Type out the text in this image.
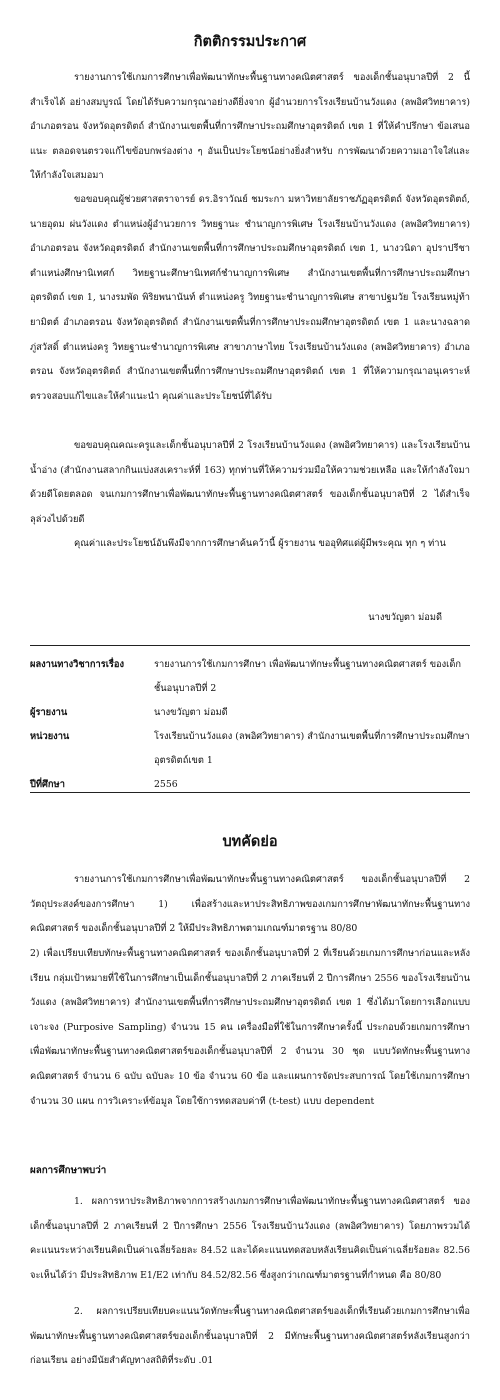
กิตติกรรมประกาศ

รายงานการใช้เกมการศึกษาเพื่อพัฒนาทักษะพื้นฐานทางคณิตศาสตร์ ของเด็กชั้นอนุบาลปีที่ 2 นี้ สำเร็จได้ อย่างสมบูรณ์ โดยได้รับความกรุณาอย่างดียิ่งจาก ผู้อำนวยการโรงเรียนบ้านวังแดง (ลพอิศวิทยาคาร) อำเภอตรอน จังหวัดอุตรดิตถ์ สำนักงานเขตพื้นที่การศึกษาประถมศึกษาอุตรดิตถ์ เขต 1 ที่ให้คำปรึกษา ข้อเสนอแนะ ตลอดจนตรวจแก้ไขข้อบกพร่องต่าง ๆ อันเป็นประโยชน์อย่างยิ่งสำหรับ การพัฒนาด้วยความเอาใจใส่และให้กำลังใจเสมอมา

ขอขอบคุณผู้ช่วยศาสตราจารย์ ดร.อิราวัณย์ ชมระกา มหาวิทยาลัยราชภัฏอุตรดิตถ์ จังหวัดอุตรดิตถ์, นายอุดม ผ่นวังแดง ตำแหน่งผู้อำนวยการ วิทยฐานะ ชำนาญการพิเศษ โรงเรียนบ้านวังแดง (ลพอิศวิทยาคาร) อำเภอตรอน จังหวัดอุตรดิตถ์ สำนักงานเขตพื้นที่การศึกษาประถมศึกษาอุตรดิตถ์ เขต 1, นางวนิดา อุปราปรีชา ตำแหน่งศึกษานิเทศก์ วิทยฐานะศึกษานิเทศก์ชำนาญการพิเศษ สำนักงานเขตพื้นที่การศึกษาประถมศึกษาอุตรดิตถ์ เขต 1, นางรมพัด พิริยพนานันท์ ตำแหน่งครู วิทยฐานะชำนาญการพิเศษ สาขาปฐมวัย โรงเรียนหมู่ท้ายามิตต์ อำเภอตรอน จังหวัดอุตรดิตถ์ สำนักงานเขตพื้นที่การศึกษาประถมศึกษาอุตรดิตถ์ เขต 1 และนางฉลาด ภู่สวัสดิ์ ตำแหน่งครู วิทยฐานะชำนาญการพิเศษ สาขาภาษาไทย โรงเรียนบ้านวังแดง (ลพอิศวิทยาคาร) อำเภอตรอน จังหวัดอุตรดิตถ์ สำนักงานเขตพื้นที่การศึกษาประถมศึกษาอุตรดิตถ์ เขต 1 ที่ให้ความกรุณาอนุเคราะห์ตรวจสอบแก้ไขและให้คำแนะนำ คุณค่าและประโยชน์ที่ได้รับ

ขอขอบคุณคณะครูและเด็กชั้นอนุบาลปีที่ 2 โรงเรียนบ้านวังแดง (ลพอิศวิทยาคาร) และโรงเรียนบ้านน้ำอ่าง (สำนักงานสลากกินแบ่งสงเคราะห์ที่ 163) ทุกท่านที่ให้ความร่วมมือให้ความช่วยเหลือ และให้กำลังใจมาด้วยดีโดยตลอด จนเกมการศึกษาเพื่อพัฒนาทักษะพื้นฐานทางคณิตศาสตร์ ของเด็กชั้นอนุบาลปีที่ 2 ได้สำเร็จลุล่วงไปด้วยดี

คุณค่าและประโยชน์อันพึงมีจากการศึกษาค้นคว้านี้ ผู้รายงาน ขออุทิศแด่ผู้มีพระคุณ ทุก ๆ ท่าน

นางขวัญตา ม่อมดี
ผลงานทางวิชาการเรื่อง	รายงานการใช้เกมการศึกษา เพื่อพัฒนาทักษะพื้นฐานทางคณิตศาสตร์ ของเด็กชั้นอนุบาลปีที่ 2
ผู้รายงาน	นางขวัญตา ม่อมดี
หน่วยงาน	โรงเรียนบ้านวังแดง (ลพอิศวิทยาคาร) สำนักงานเขตพื้นที่การศึกษาประถมศึกษาอุตรดิตถ์เขต 1
ปีที่ศึกษา	2556
บทคัดย่อ

รายงานการใช้เกมการศึกษาเพื่อพัฒนาทักษะพื้นฐานทางคณิตศาสตร์ ของเด็กชั้นอนุบาลปีที่ 2 วัตถุประสงค์ของการศึกษา 1) เพื่อสร้างและหาประสิทธิภาพของเกมการศึกษาพัฒนาทักษะพื้นฐานทางคณิตศาสตร์ ของเด็กชั้นอนุบาลปีที่ 2 ให้มีประสิทธิภาพตามเกณฑ์มาตรฐาน 80/80

2) เพื่อเปรียบเทียบทักษะพื้นฐานทางคณิตศาสตร์ ของเด็กชั้นอนุบาลปีที่ 2 ที่เรียนด้วยเกมการศึกษาก่อนและหลังเรียน กลุ่มเป้าหมายที่ใช้ในการศึกษาเป็นเด็กชั้นอนุบาลปีที่ 2 ภาคเรียนที่ 2 ปีการศึกษา 2556 ของโรงเรียนบ้านวังแดง (ลพอิศวิทยาคาร) สำนักงานเขตพื้นที่การศึกษาประถมศึกษาอุตรดิตถ์ เขต 1 ซึ่งได้มาโดยการเลือกแบบเจาะจง (Purposive Sampling) จำนวน 15 คน เครื่องมือที่ใช้ในการศึกษาครั้งนี้ ประกอบด้วยเกมการศึกษาเพื่อพัฒนาทักษะพื้นฐานทางคณิตศาสตร์ของเด็กชั้นอนุบาลปีที่ 2 จำนวน 30 ชุด แบบวัดทักษะพื้นฐานทางคณิตศาสตร์ จำนวน 6 ฉบับ ฉบับละ 10 ข้อ จำนวน 60 ข้อ และแผนการจัดประสบการณ์ โดยใช้เกมการศึกษา จำนวน 30 แผน การวิเคราะห์ข้อมูล โดยใช้การทดสอบค่าที (t-test) แบบ dependent

ผลการศึกษาพบว่า

1. ผลการหาประสิทธิภาพจากการสร้างเกมการศึกษาเพื่อพัฒนาทักษะพื้นฐานทางคณิตศาสตร์ ของเด็กชั้นอนุบาลปีที่ 2 ภาคเรียนที่ 2 ปีการศึกษา 2556 โรงเรียนบ้านวังแดง (ลพอิศวิทยาคาร) โดยภาพรวมได้คะแนนระหว่างเรียนคิดเป็นค่าเฉลี่ยร้อยละ 84.52 และได้คะแนนทดสอบหลังเรียนคิดเป็นค่าเฉลี่ยร้อยละ 82.56 จะเห็นได้ว่า มีประสิทธิภาพ E1/E2 เท่ากับ 84.52/82.56 ซึ่งสูงกว่าเกณฑ์มาตรฐานที่กำหนด คือ 80/80

2. ผลการเปรียบเทียบคะแนนวัดทักษะพื้นฐานทางคณิตศาสตร์ของเด็กที่เรียนด้วยเกมการศึกษาเพื่อพัฒนาทักษะพื้นฐานทางคณิตศาสตร์ของเด็กชั้นอนุบาลปีที่ 2 มีทักษะพื้นฐานทางคณิตศาสตร์หลังเรียนสูงกว่าก่อนเรียน อย่างมีนัยสำคัญทางสถิติที่ระดับ .01
